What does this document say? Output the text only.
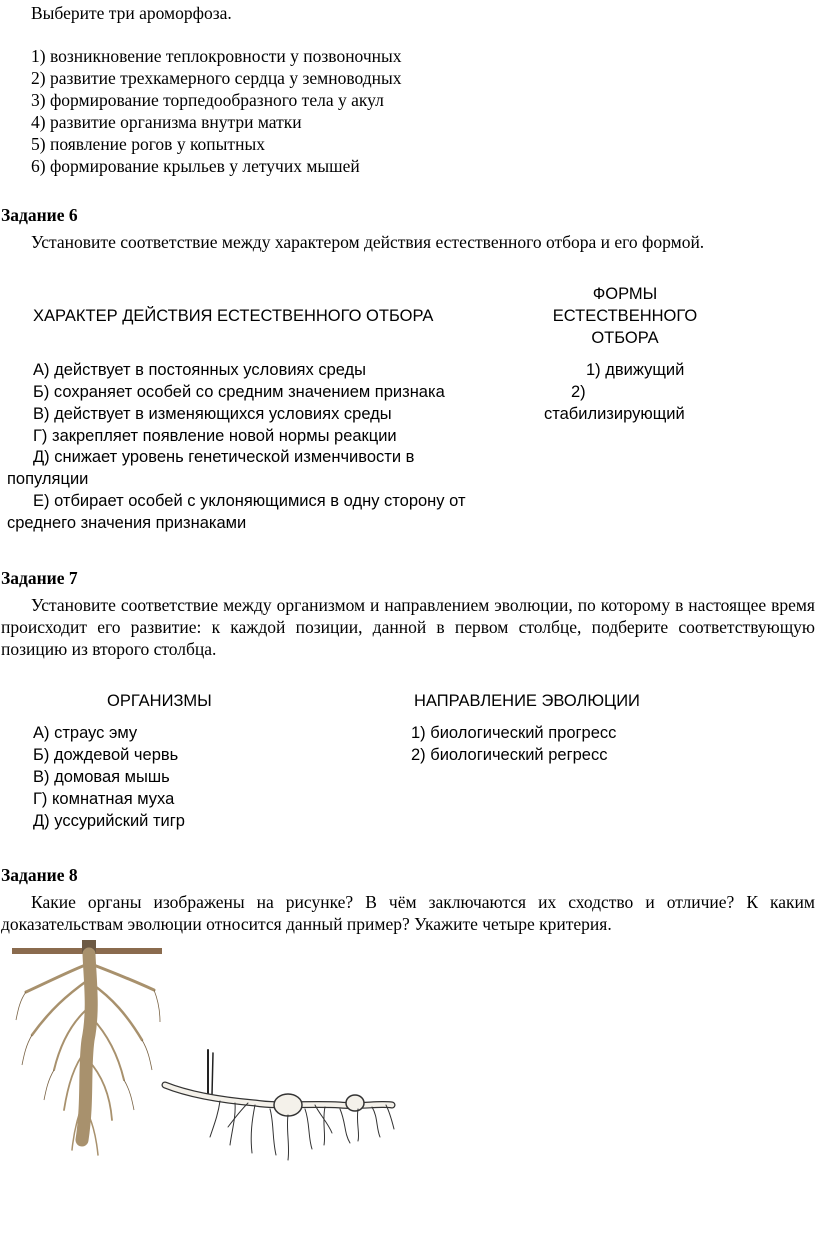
Выберите три ароморфоза.
1) возникновение теплокровности у позвоночных
2) развитие трехкамерного сердца у земноводных
3) формирование торпедообразного тела у акул
4) развитие организма внутри матки
5) появление рогов у копытных
6) формирование крыльев у летучих мышей
Задание 6
Установите соответствие между характером действия естественного отбора и его формой.
ХАРАКТЕР ДЕЙСТВИЯ ЕСТЕСТВЕННОГО ОТБОРА
ФОРМЫ
ЕСТЕСТВЕННОГО
ОТБОРА
А) действует в постоянных условиях среды
Б) сохраняет особей со средним значением признака
В) действует в изменяющихся условиях среды
Г) закрепляет появление новой нормы реакции
Д) снижает уровень генетической изменчивости в
популяции
Е) отбирает особей с уклоняющимися в одну сторону от
среднего значения признаками
1) движущий
2)
стабилизирующий
Задание 7
Установите соответствие между организмом и направлением эволюции, по которому в настоящее время происходит его развитие: к каждой позиции, данной в первом столбце, подберите соответствующую позицию из второго столбца.
ОРГАНИЗМЫ	НАПРАВЛЕНИЕ ЭВОЛЮЦИИ
А) страус эму
Б) дождевой червь
В) домовая мышь
Г) комнатная муха
Д) уссурийский тигр
1) биологический прогресс
2) биологический регресс
Задание 8
Какие органы изображены на рисунке? В чём заключаются их сходство и отличие? К каким доказательствам эволюции относится данный пример? Укажите четыре критерия.
